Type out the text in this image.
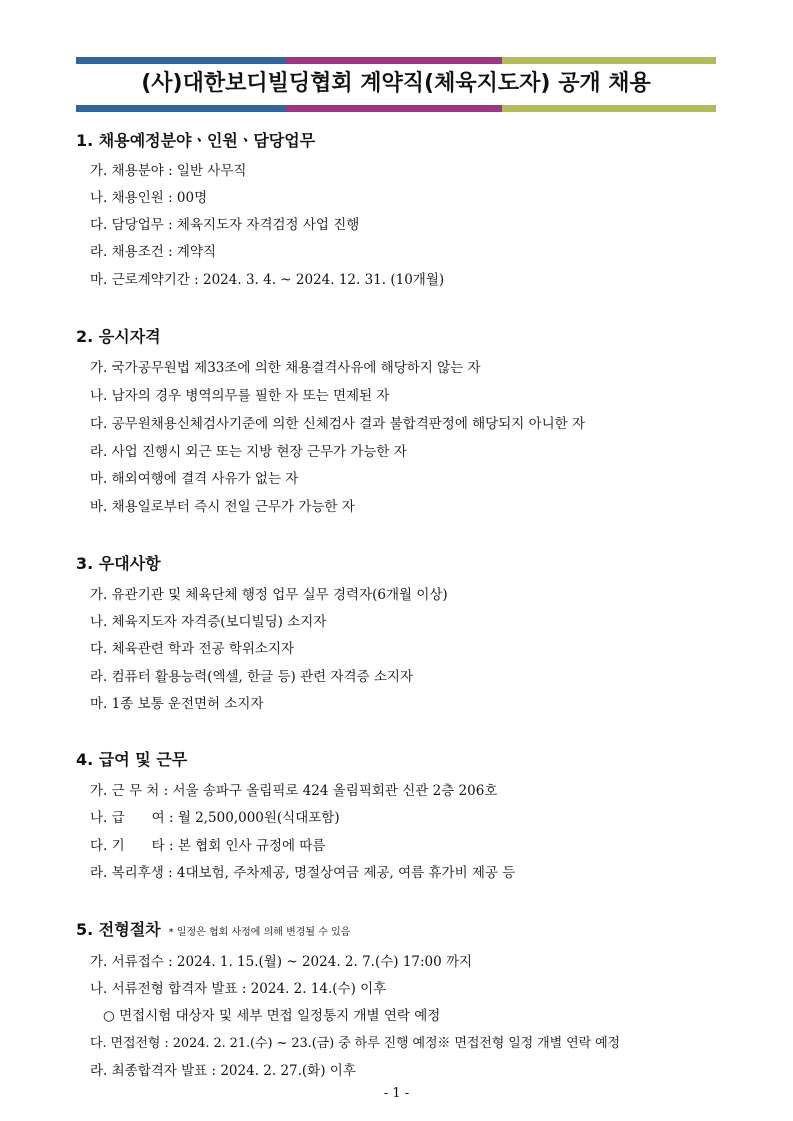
(사)대한보디빌딩협회 계약직(체육지도자) 공개 채용
1. 채용예정분야ㆍ인원ㆍ담당업무
가. 채용분야 : 일반 사무직
나. 채용인원 : 00명
다. 담당업무 : 체육지도자 자격검정 사업 진행
라. 채용조건 : 계약직
마. 근로계약기간 : 2024. 3. 4. ~ 2024. 12. 31. (10개월)
2. 응시자격
가. 국가공무원법 제33조에 의한 채용결격사유에 해당하지 않는 자
나. 남자의 경우 병역의무를 필한 자 또는 면제된 자
다. 공무원채용신체검사기준에 의한 신체검사 결과 불합격판정에 해당되지 아니한 자
라. 사업 진행시 외근 또는 지방 현장 근무가 가능한 자
마. 해외여행에 결격 사유가 없는 자
바. 채용일로부터 즉시 전일 근무가 가능한 자
3. 우대사항
가. 유관기관 및 체육단체 행정 업무 실무 경력자(6개월 이상)
나. 체육지도자 자격증(보디빌딩) 소지자
다. 체육관련 학과 전공 학위소지자
라. 컴퓨터 활용능력(엑셀, 한글 등) 관련 자격증 소지자
마. 1종 보통 운전면허 소지자
4. 급여 및 근무
가. 근 무 처 : 서울 송파구 올림픽로 424 올림픽회관 신관 2층 206호
나. 급　　여 : 월 2,500,000원(식대포함)
다. 기　　타 : 본 협회 인사 규정에 따름
라. 복리후생 : 4대보험, 주차제공, 명절상여금 제공, 여름 휴가비 제공 등
5. 전형절차 * 일정은 협회 사정에 의해 변경될 수 있음
가. 서류접수 : 2024. 1. 15.(월) ~ 2024. 2. 7.(수) 17:00 까지
나. 서류전형 합격자 발표 : 2024. 2. 14.(수) 이후
○ 면접시험 대상자 및 세부 면접 일정통지 개별 연락 예정
다. 면접전형 : 2024. 2. 21.(수) ~ 23.(금) 중 하루 진행 예정※ 면접전형 일정 개별 연락 예정
라. 최종합격자 발표 : 2024. 2. 27.(화) 이후
- 1 -
